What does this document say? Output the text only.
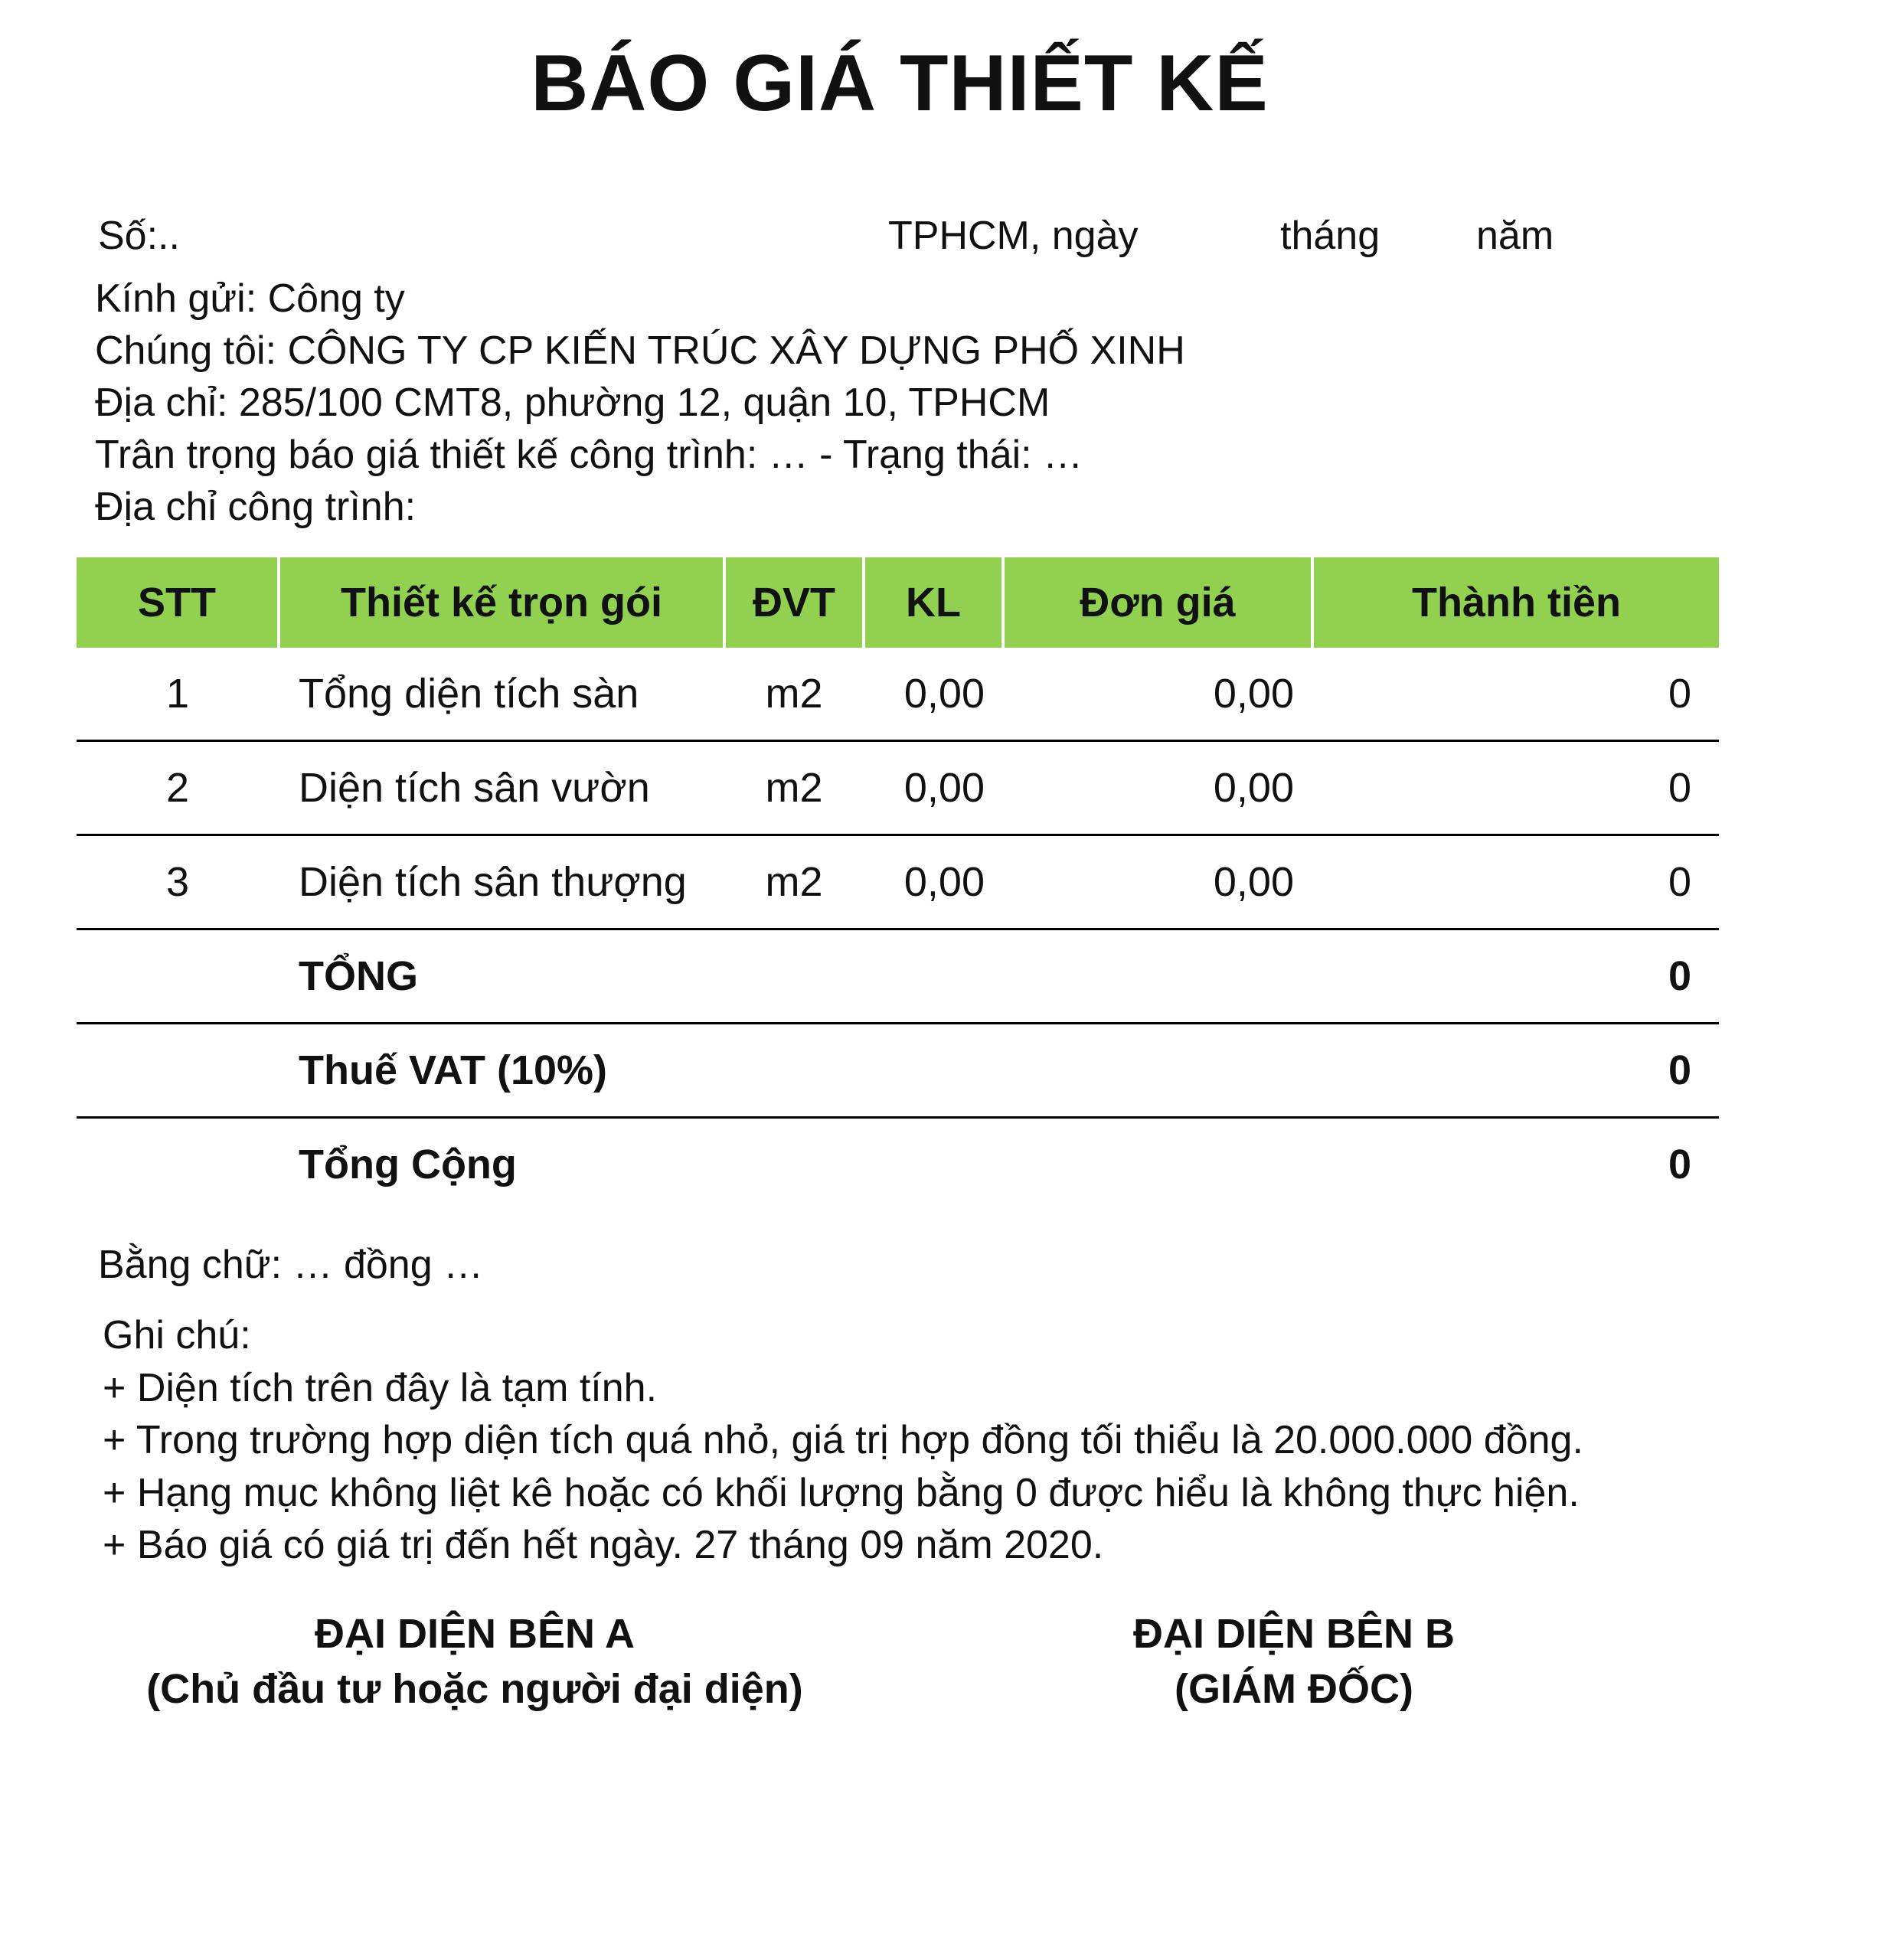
BÁO GIÁ THIẾT KẾ
Số:..	TPHCM, ngày	tháng năm
Kính gửi: Công ty
Chúng tôi: CÔNG TY CP KIẾN TRÚC XÂY DỰNG PHỐ XINH
Địa chỉ: 285/100 CMT8, phường 12, quận 10, TPHCM
Trân trọng báo giá thiết kế công trình: … - Trạng thái: …
Địa chỉ công trình:
STT	Thiết kế trọn gói	ĐVT	KL	Đơn giá	Thành tiền
1	Tổng diện tích sàn	m2	0,00	0,00	0
2	Diện tích sân vườn	m2	0,00	0,00	0
3	Diện tích sân thượng	m2	0,00	0,00	0
	TỔNG				0
	Thuế VAT (10%)				0
	Tổng Cộng				0
Bằng chữ: … đồng …
Ghi chú:
+ Diện tích trên đây là tạm tính.
+ Trong trường hợp diện tích quá nhỏ, giá trị hợp đồng tối thiểu là 20.000.000 đồng.
+ Hạng mục không liệt kê hoặc có khối lượng bằng 0 được hiểu là không thực hiện.
+ Báo giá có giá trị đến hết ngày. 27 tháng 09 năm 2020.
ĐẠI DIỆN BÊN A
(Chủ đầu tư hoặc người đại diện)
ĐẠI DIỆN BÊN B
(GIÁM ĐỐC)
